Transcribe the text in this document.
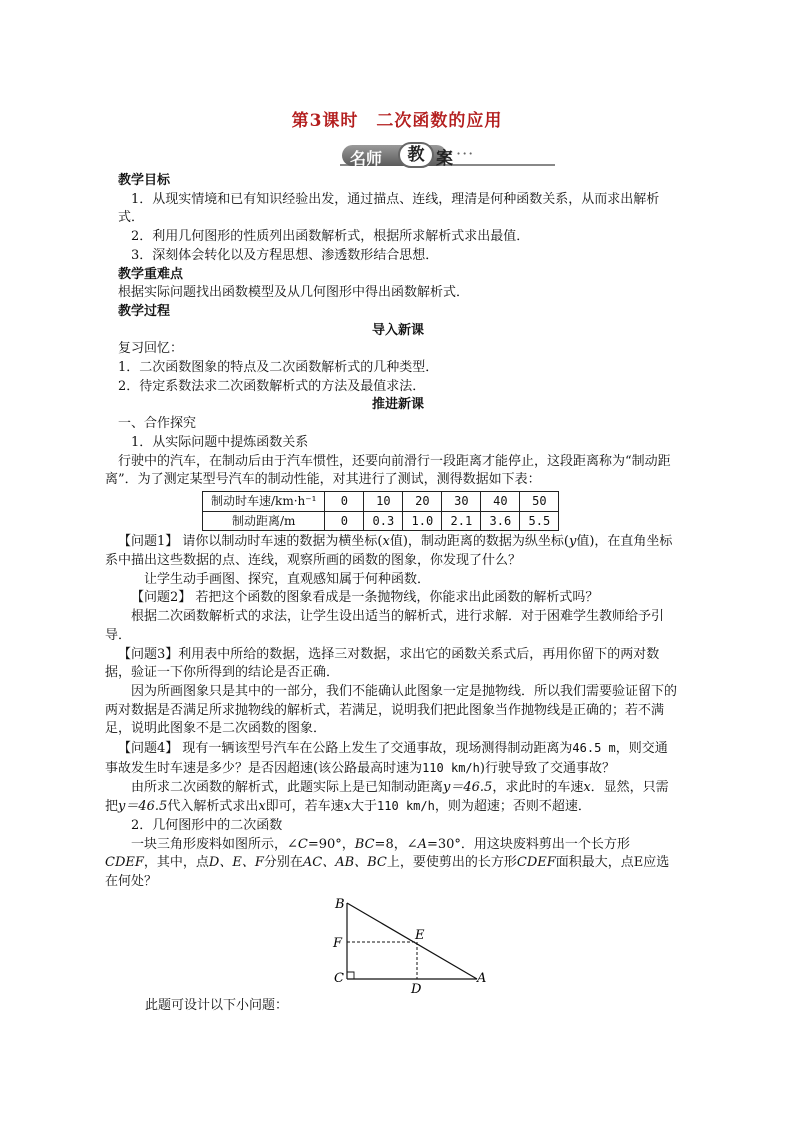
第3课时　二次函数的应用
名师	教 案 ···

教学目标

1．从现实情境和已有知识经验出发，通过描点、连线，理清是何种函数关系，从而求出解析式．

2．利用几何图形的性质列出函数解析式，根据所求解析式求出最值．

3．深刻体会转化以及方程思想、渗透数形结合思想．

教学重难点

根据实际问题找出函数模型及从几何图形中得出函数解析式．

教学过程

导入新课

复习回忆：

1．二次函数图象的特点及二次函数解析式的几种类型．

2．待定系数法求二次函数解析式的方法及最值求法．

推进新课

一、合作探究

1．从实际问题中提炼函数关系

行驶中的汽车，在制动后由于汽车惯性，还要向前滑行一段距离才能停止，这段距离称为“制动距离”．为了测定某型号汽车的制动性能，对其进行了测试，测得数据如下表：

制动时车速/km·h⁻¹	0	10	20	30	40	50
制动距离/m	0	0.3	1.0	2.1	3.6	5.5

【问题1】 请你以制动时车速的数据为横坐标(x值)，制动距离的数据为纵坐标(y值)，在直角坐标系中描出这些数据的点、连线，观察所画的函数的图象，你发现了什么？

让学生动手画图、探究，直观感知属于何种函数．

【问题2】 若把这个函数的图象看成是一条抛物线，你能求出此函数的解析式吗？

根据二次函数解析式的求法，让学生设出适当的解析式，进行求解．对于困难学生教师给予引导．

【问题3】利用表中所给的数据，选择三对数据，求出它的函数关系式后，再用你留下的两对数据，验证一下你所得到的结论是否正确．

因为所画图象只是其中的一部分，我们不能确认此图象一定是抛物线．所以我们需要验证留下的两对数据是否满足所求抛物线的解析式，若满足，说明我们把此图象当作抛物线是正确的；若不满足，说明此图象不是二次函数的图象．

【问题4】 现有一辆该型号汽车在公路上发生了交通事故，现场测得制动距离为46.5 m，则交通事故发生时车速是多少？是否因超速(该公路最高时速为110 km/h)行驶导致了交通事故？

由所求二次函数的解析式，此题实际上是已知制动距离y＝46.5，求此时的车速x．显然，只需把y＝46.5代入解析式求出x即可，若车速x大于110 km/h，则为超速；否则不超速．

2．几何图形中的二次函数

一块三角形废料如图所示，∠C=90°，BC=8，∠A=30°．用这块废料剪出一个长方形CDEF，其中，点D、E、F分别在AC、AB、BC上，要使剪出的长方形CDEF面积最大，点E应选在何处？

B
F
E
C
D
A

此题可设计以下小问题：
